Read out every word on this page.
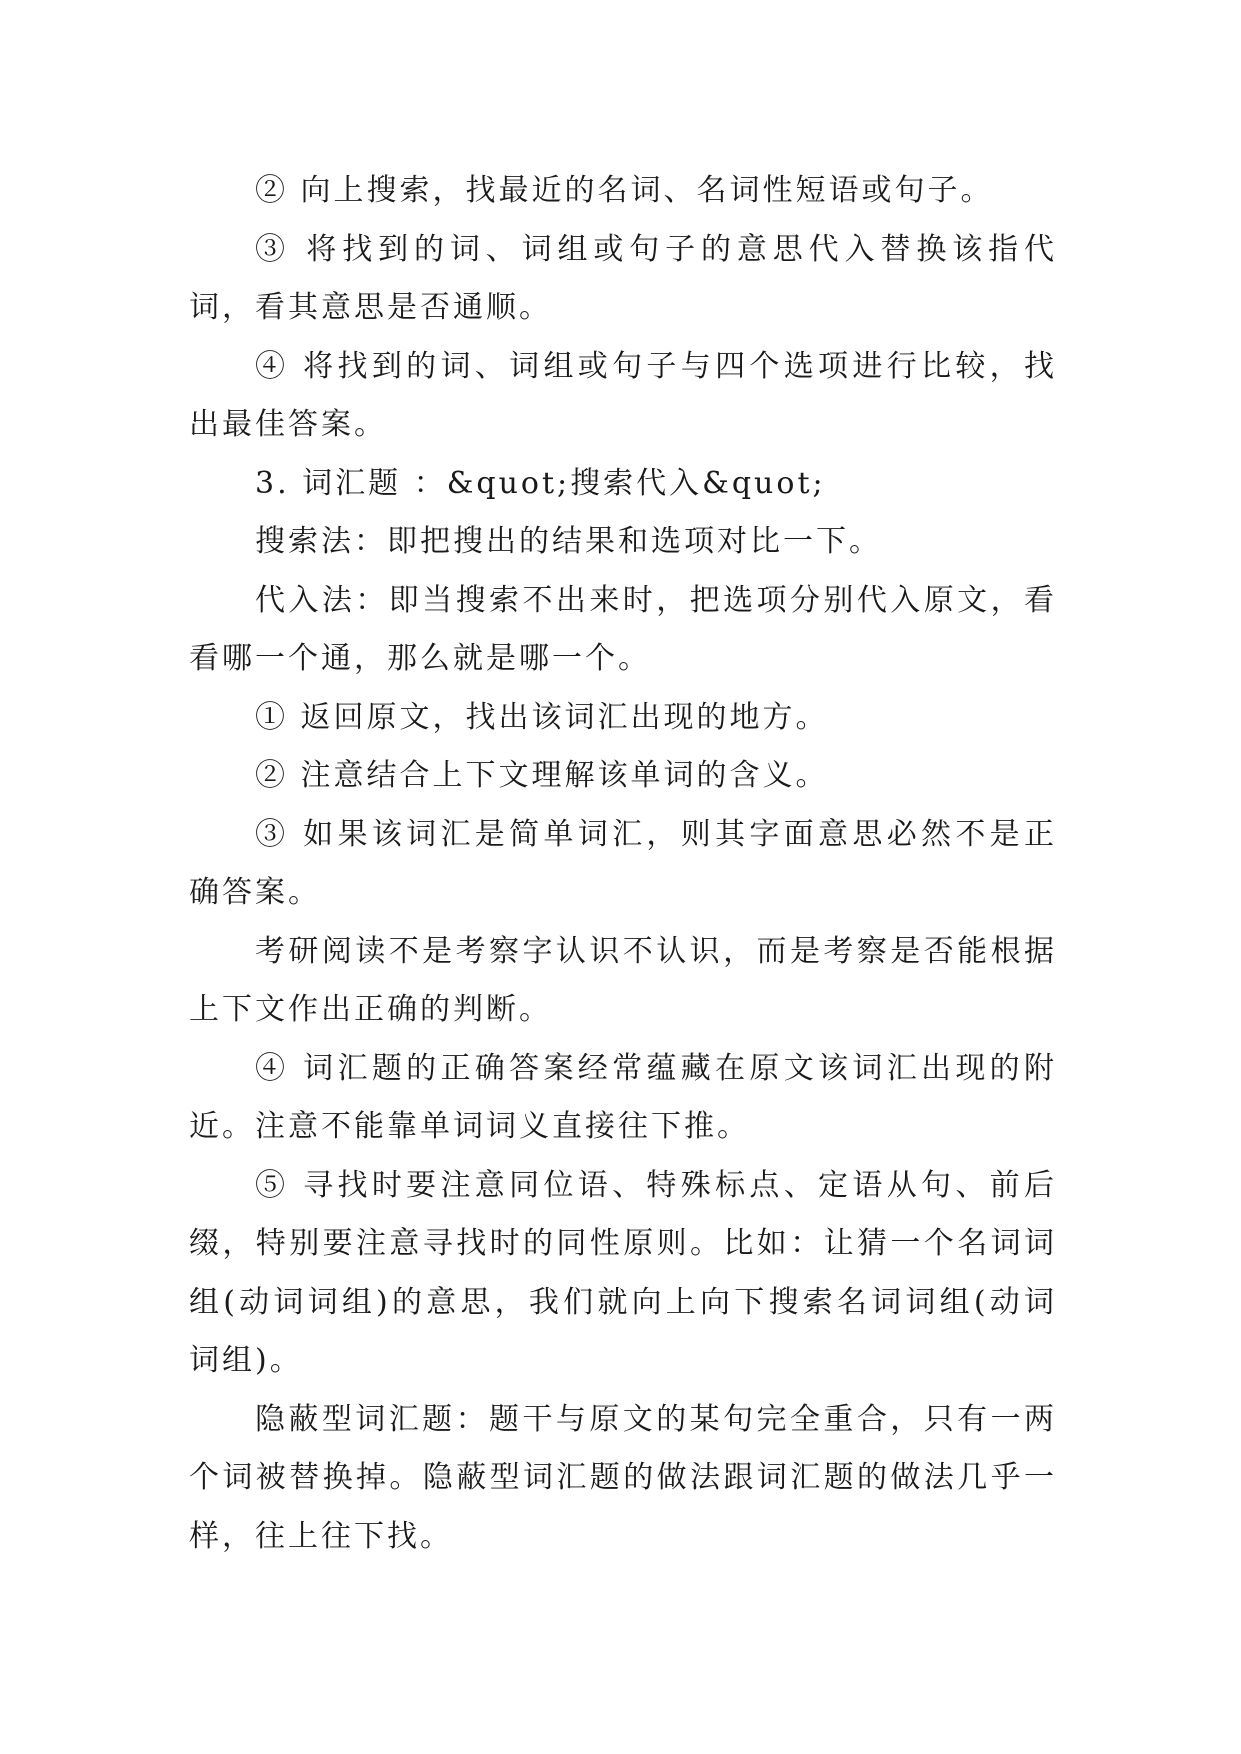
② 向上搜索，找最近的名词、名词性短语或句子。

③ 将找到的词、词组或句子的意思代入替换该指代词，看其意思是否通顺。

④ 将找到的词、词组或句子与四个选项进行比较，找出最佳答案。

3. 词汇题 ：&quot;搜索代入&quot;

搜索法：即把搜出的结果和选项对比一下。

代入法：即当搜索不出来时，把选项分别代入原文，看看哪一个通，那么就是哪一个。

① 返回原文，找出该词汇出现的地方。

② 注意结合上下文理解该单词的含义。

③ 如果该词汇是简单词汇，则其字面意思必然不是正确答案。

考研阅读不是考察字认识不认识，而是考察是否能根据上下文作出正确的判断。

④ 词汇题的正确答案经常蕴藏在原文该词汇出现的附近。注意不能靠单词词义直接往下推。

⑤ 寻找时要注意同位语、特殊标点、定语从句、前后缀，特别要注意寻找时的同性原则。比如：让猜一个名词词组(动词词组)的意思，我们就向上向下搜索名词词组(动词词组)。

隐蔽型词汇题：题干与原文的某句完全重合，只有一两个词被替换掉。隐蔽型词汇题的做法跟词汇题的做法几乎一样，往上往下找。
